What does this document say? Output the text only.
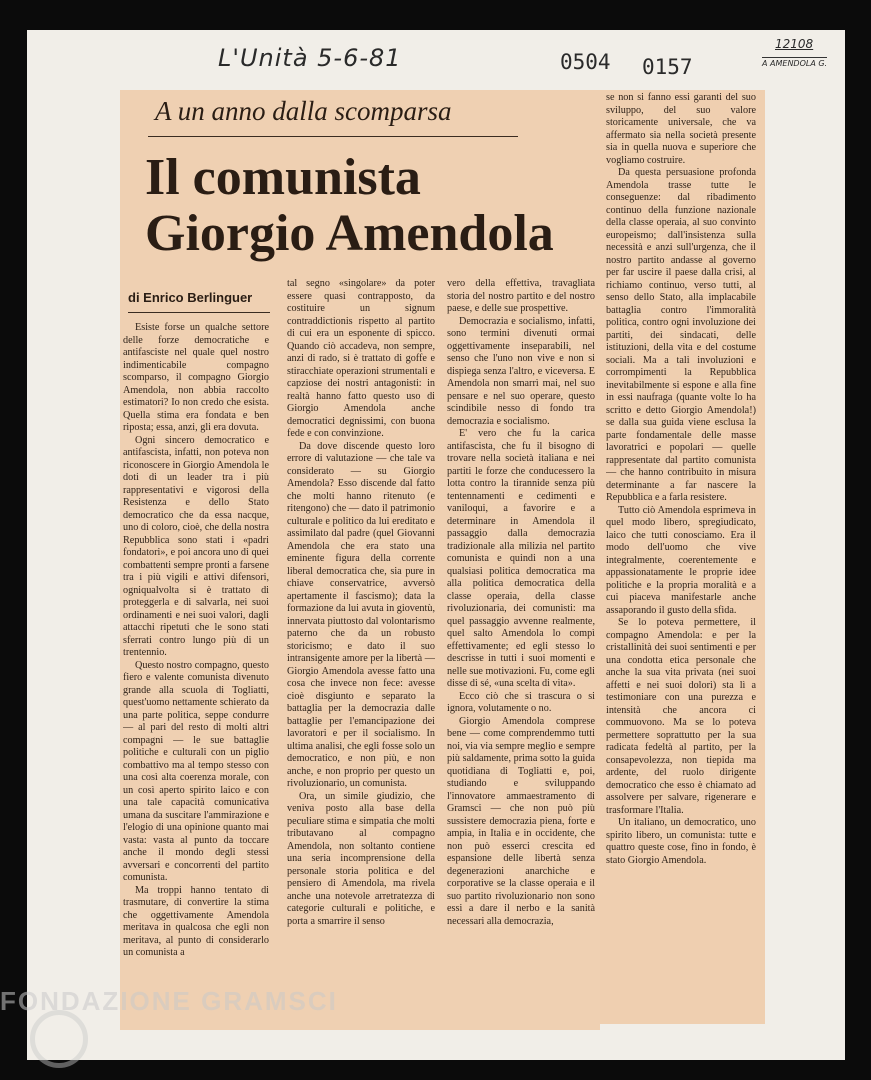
L'Unità 5-6-81	0504 0157
12108
A AMENDOLA G.
A un anno dalla scomparsa
Il comunista
Giorgio Amendola
di Enrico Berlinguer

Esiste forse un qualche settore delle forze democratiche e antifasciste nel quale quel nostro indimenticabile compagno scomparso, il compagno Giorgio Amendola, non abbia raccolto estimatori? Io non credo che esista. Quella stima era fondata e ben riposta; essa, anzi, gli era dovuta.

Ogni sincero democratico e antifascista, infatti, non poteva non riconoscere in Giorgio Amendola le doti di un leader tra i più rappresentativi e vigorosi della Resistenza e dello Stato democratico che da essa nacque, uno di coloro, cioè, che della nostra Repubblica sono stati i «padri fondatori», e poi ancora uno di quei combattenti sempre pronti a farsene tra i più vigili e attivi difensori, ogniqualvolta si è trattato di proteggerla e di salvarla, nei suoi ordinamenti e nei suoi valori, dagli attacchi ripetuti che le sono stati sferrati contro lungo più di un trentennio.

Questo nostro compagno, questo fiero e valente comunista divenuto grande alla scuola di Togliatti, quest'uomo nettamente schierato da una parte politica, seppe condurre — al pari del resto di molti altri compagni — le sue battaglie politiche e culturali con un piglio combattivo ma al tempo stesso con una così alta coerenza morale, con un così aperto spirito laico e con una tale capacità comunicativa umana da suscitare l'ammirazione e l'elogio di una opinione quanto mai vasta: vasta al punto da toccare anche il mondo degli stessi avversari e concorrenti del partito comunista.

Ma troppi hanno tentato di trasmutare, di convertire la stima che oggettivamente Amendola meritava in qualcosa che egli non meritava, al punto di considerarlo un comunista a

tal segno «singolare» da poter essere quasi contrapposto, da costituire un signum contraddictionis rispetto al partito di cui era un esponente di spicco. Quando ciò accadeva, non sempre, anzi di rado, si è trattato di goffe e stiracchiate operazioni strumentali e capziose dei nostri antagonisti: in realtà hanno fatto questo uso di Giorgio Amendola anche democratici degnissimi, con buona fede e con convinzione.

Da dove discende questo loro errore di valutazione — che tale va considerato — su Giorgio Amendola? Esso discende dal fatto che molti hanno ritenuto (e ritengono) che — dato il patrimonio culturale e politico da lui ereditato e assimilato dal padre (quel Giovanni Amendola che era stato una eminente figura della corrente liberal democratica che, sia pure in chiave conservatrice, avversò apertamente il fascismo); data la formazione da lui avuta in gioventù, innervata piuttosto dal volontarismo paterno che da un robusto storicismo; e dato il suo intransigente amore per la libertà — Giorgio Amendola avesse fatto una cosa che invece non fece: avesse cioè disgiunto e separato la battaglia per la democrazia dalle battaglie per l'emancipazione dei lavoratori e per il socialismo. In ultima analisi, che egli fosse solo un democratico, e non più, e non anche, e non proprio per questo un rivoluzionario, un comunista.

Ora, un simile giudizio, che veniva posto alla base della peculiare stima e simpatia che molti tributavano al compagno Amendola, non soltanto contiene una seria incomprensione della personale storia politica e del pensiero di Amendola, ma rivela anche una notevole arretratezza di categorie culturali e politiche, e porta a smarrire il senso

vero della effettiva, travagliata storia del nostro partito e del nostro paese, e delle sue prospettive.

Democrazia e socialismo, infatti, sono termini divenuti ormai oggettivamente inseparabili, nel senso che l'uno non vive e non si dispiega senza l'altro, e viceversa. E Amendola non smarrì mai, nel suo pensare e nel suo operare, questo scindibile nesso di fondo tra democrazia e socialismo.

E' vero che fu la carica antifascista, che fu il bisogno di trovare nella società italiana e nei partiti le forze che conducessero la lotta contro la tirannide senza più tentennamenti e cedimenti e vaniloqui, a favorire e a determinare in Amendola il passaggio dalla democrazia tradizionale alla milizia nel partito comunista e quindi non a una qualsiasi politica democratica ma alla politica democratica della classe operaia, della classe rivoluzionaria, dei comunisti: ma quel passaggio avvenne realmente, quel salto Amendola lo compì effettivamente; ed egli stesso lo descrisse in tutti i suoi momenti e nelle sue motivazioni. Fu, come egli disse di sé, «una scelta di vita».

Ecco ciò che si trascura o si ignora, volutamente o no.

Giorgio Amendola comprese bene — come comprendemmo tutti noi, via via sempre meglio e sempre più saldamente, prima sotto la guida quotidiana di Togliatti e, poi, studiando e sviluppando l'innovatore ammaestramento di Gramsci — che non può più sussistere democrazia piena, forte e ampia, in Italia e in occidente, che non può esserci crescita ed espansione delle libertà senza degenerazioni anarchiche e corporative se la classe operaia e il suo partito rivoluzionario non sono essi a dare il nerbo e la sanità necessari alla democrazia,

se non si fanno essi garanti del suo sviluppo, del suo valore storicamente universale, che va affermato sia nella società presente sia in quella nuova e superiore che vogliamo costruire.

Da questa persuasione profonda Amendola trasse tutte le conseguenze: dal ribadimento continuo della funzione nazionale della classe operaia, al suo convinto europeismo; dall'insistenza sulla necessità e anzi sull'urgenza, che il nostro partito andasse al governo per far uscire il paese dalla crisi, al richiamo continuo, verso tutti, al senso dello Stato, alla implacabile battaglia contro l'immoralità politica, contro ogni involuzione dei partiti, dei sindacati, delle istituzioni, della vita e del costume sociali. Ma a tali involuzioni e corrompimenti la Repubblica inevitabilmente si espone e alla fine in essi naufraga (quante volte lo ha scritto e detto Giorgio Amendola!) se dalla sua guida viene esclusa la parte fondamentale delle masse lavoratrici e popolari — quelle rappresentate dal partito comunista — che hanno contribuito in misura determinante a far nascere la Repubblica e a farla resistere.

Tutto ciò Amendola esprimeva in quel modo libero, spregiudicato, laico che tutti conosciamo. Era il modo dell'uomo che vive integralmente, coerentemente e appassionatamente le proprie idee politiche e la propria moralità e a cui piaceva manifestarle anche assaporando il gusto della sfida.

Se lo poteva permettere, il compagno Amendola: e per la cristallinità dei suoi sentimenti e per una condotta etica personale che anche la sua vita privata (nei suoi affetti e nei suoi dolori) sta lì a testimoniare con una purezza e intensità che ancora ci commuovono. Ma se lo poteva permettere soprattutto per la sua radicata fedeltà al partito, per la consapevolezza, non tiepida ma ardente, del ruolo dirigente democratico che esso è chiamato ad assolvere per salvare, rigenerare e trasformare l'Italia.

Un italiano, un democratico, uno spirito libero, un comunista: tutte e quattro queste cose, fino in fondo, è stato Giorgio Amendola.

FONDAZIONE GRAMSCI
